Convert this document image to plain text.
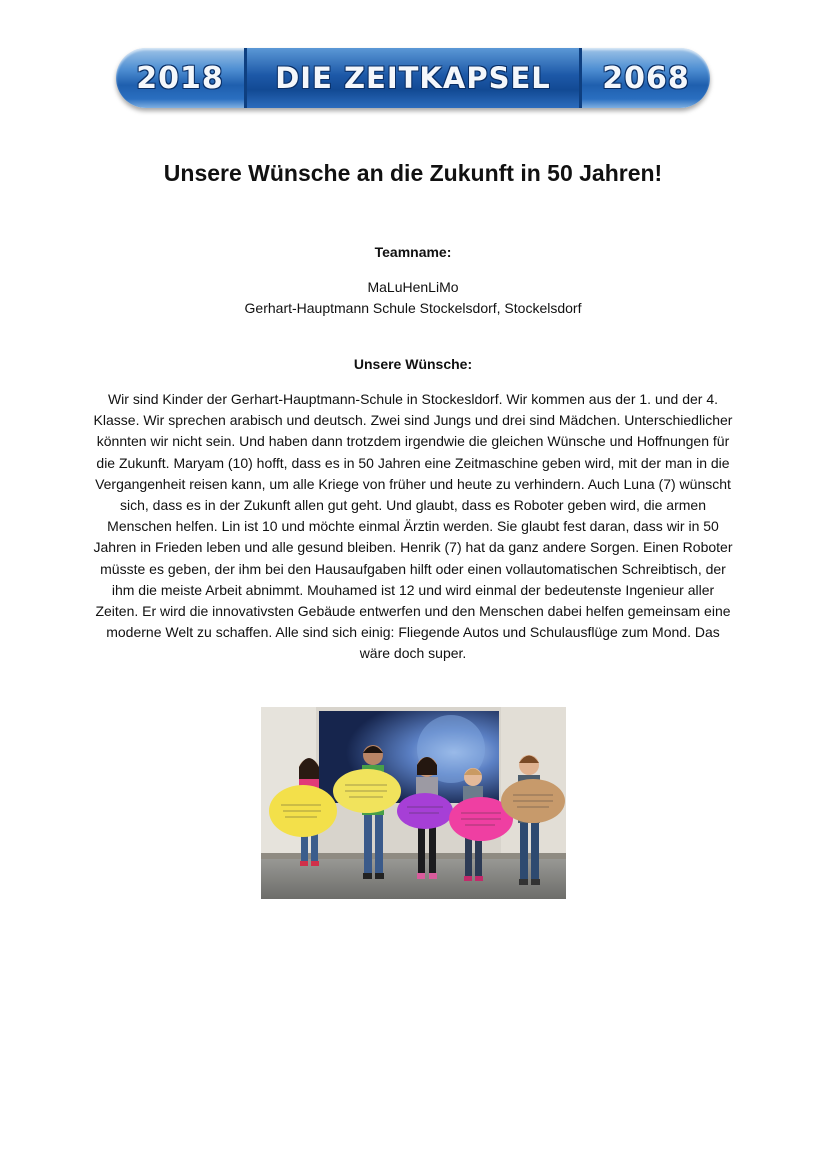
2018	DIE ZEITKAPSEL	2068
Unsere Wünsche an die Zukunft in 50 Jahren!

Teamname:

MaLuHenLiMo

Gerhart-Hauptmann Schule Stockelsdorf, Stockelsdorf

Unsere Wünsche:

Wir sind Kinder der Gerhart-Hauptmann-Schule in Stockesldorf. Wir kommen aus der 1. und der 4. Klasse. Wir sprechen arabisch und deutsch. Zwei sind Jungs und drei sind Mädchen. Unterschiedlicher könnten wir nicht sein. Und haben dann trotzdem irgendwie die gleichen Wünsche und Hoffnungen für die Zukunft. Maryam (10) hofft, dass es in 50 Jahren eine Zeitmaschine geben wird, mit der man in die Vergangenheit reisen kann, um alle Kriege von früher und heute zu verhindern. Auch Luna (7) wünscht sich, dass es in der Zukunft allen gut geht. Und glaubt, dass es Roboter geben wird, die armen Menschen helfen. Lin ist 10 und möchte einmal Ärztin werden. Sie glaubt fest daran, dass wir in 50 Jahren in Frieden leben und alle gesund bleiben. Henrik (7) hat da ganz andere Sorgen. Einen Roboter müsste es geben, der ihm bei den Hausaufgaben hilft oder einen vollautomatischen Schreibtisch, der ihm die meiste Arbeit abnimmt. Mouhamed ist 12 und wird einmal der bedeutenste Ingenieur aller Zeiten. Er wird die innovativsten Gebäude entwerfen und den Menschen dabei helfen gemeinsam eine moderne Welt zu schaffen. Alle sind sich einig: Fliegende Autos und Schulausflüge zum Mond. Das wäre doch super.
